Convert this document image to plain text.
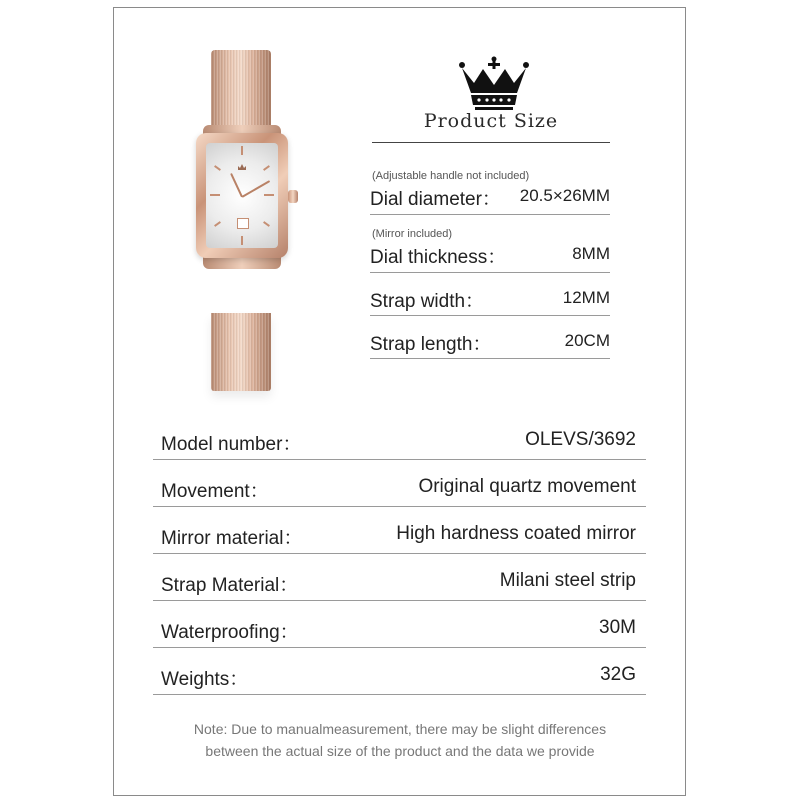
Product Size
(Adjustable handle not included)
Dial diameter： 20.5×26MM
(Mirror included)
Dial thickness：	8MM
Strap width：	12MM
Strap length：	20CM
Model number：	OLEVS/3692
Movement：	Original quartz movement
Mirror material：	High hardness coated mirror
Strap Material：	Milani steel strip
Waterproofing：	30M
Weights：	32G
Note: Due to manualmeasurement, there may be slight differences
between the actual size of the product and the data we provide
